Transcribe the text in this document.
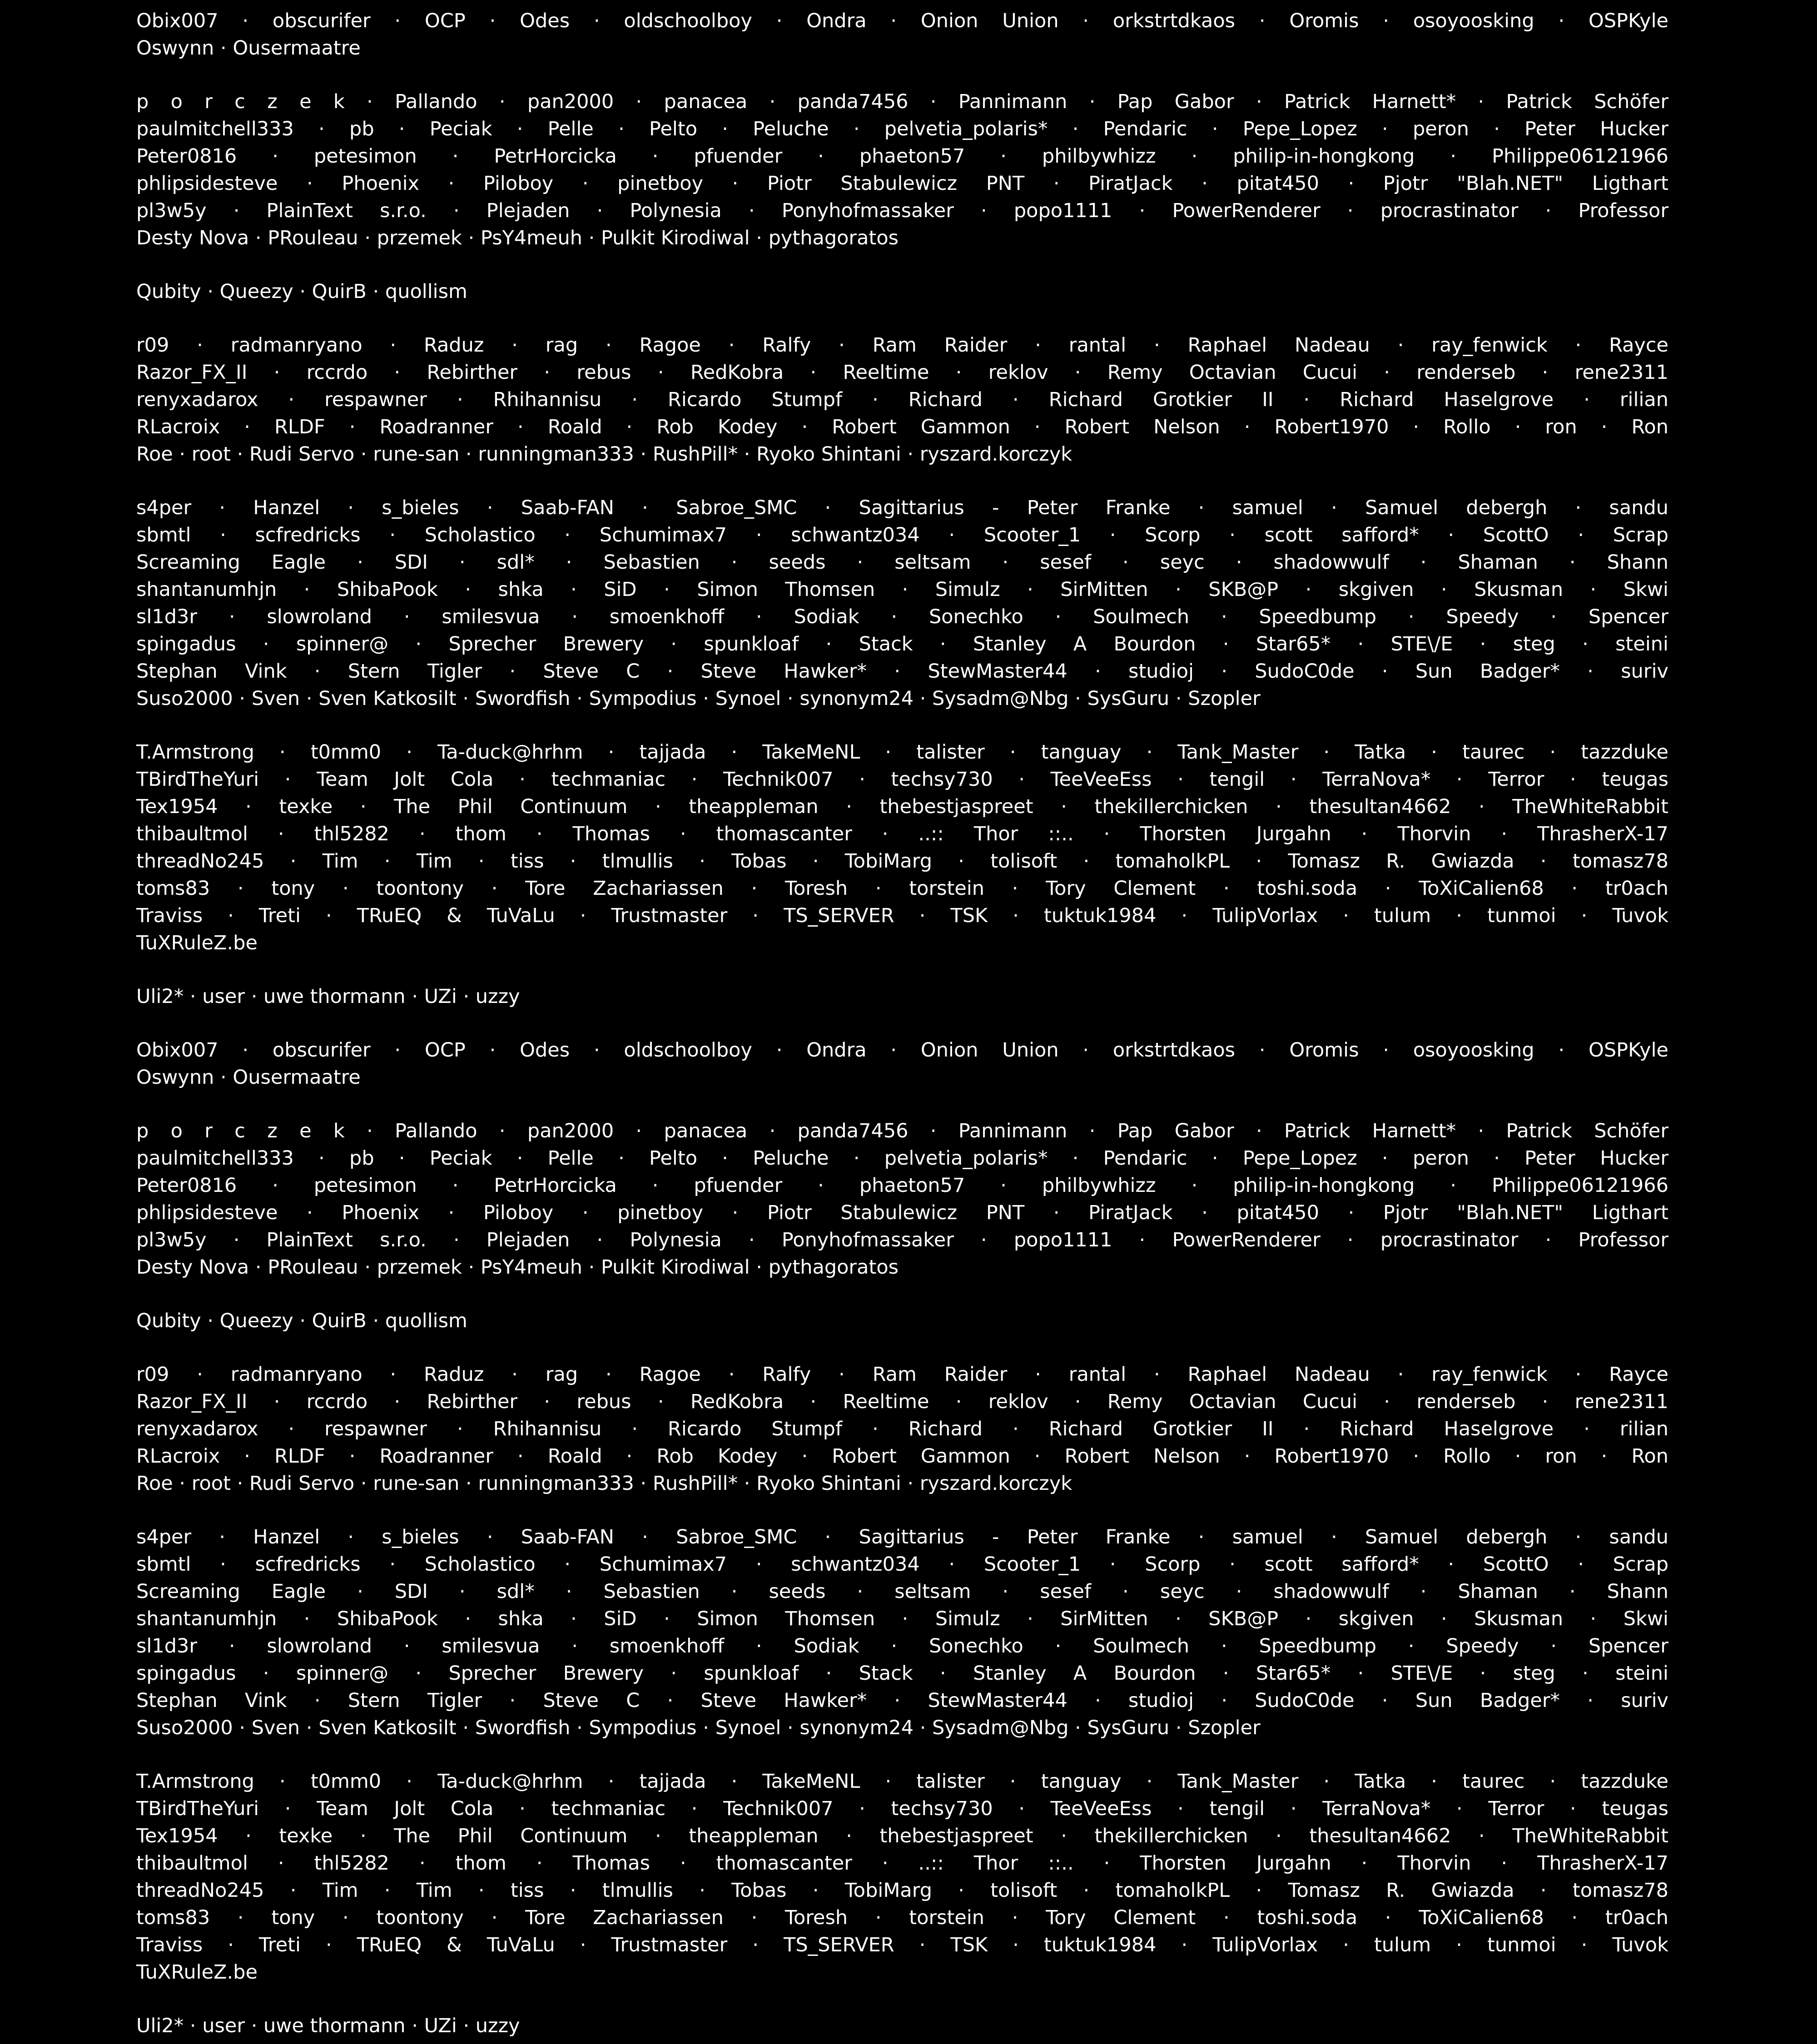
Obix007 · obscurifer · OCP · Odes · oldschoolboy · Ondra · Onion Union · orkstrtdkaos · Oromis · osoyoosking · OSPKyle
Oswynn · Ousermaatre
p o r c z e k · Pallando · pan2000 · panacea · panda7456 · Pannimann · Pap Gabor · Patrick Harnett* · Patrick Schöfer
paulmitchell333 · pb · Peciak · Pelle · Pelto · Peluche · pelvetia_polaris* · Pendaric · Pepe_Lopez · peron · Peter Hucker
Peter0816 · petesimon · PetrHorcicka · pfuender · phaeton57 · philbywhizz · philip-in-hongkong · Philippe06121966
phlipsidesteve · Phoenix · Piloboy · pinetboy · Piotr Stabulewicz PNT · PiratJack · pitat450 · Pjotr "Blah.NET" Ligthart
pl3w5y · PlainText s.r.o. · Plejaden · Polynesia · Ponyhofmassaker · popo1111 · PowerRenderer · procrastinator · Professor
Desty Nova · PRouleau · przemek · PsY4meuh · Pulkit Kirodiwal · pythagoratos
Qubity · Queezy · QuirB · quollism
r09 · radmanryano · Raduz · rag · Ragoe · Ralfy · Ram Raider · rantal · Raphael Nadeau · ray_fenwick · Rayce
Razor_FX_II · rccrdo · Rebirther · rebus · RedKobra · Reeltime · reklov · Remy Octavian Cucui · renderseb · rene2311
renyxadarox · respawner · Rhihannisu · Ricardo Stumpf · Richard · Richard Grotkier II · Richard Haselgrove · rilian
RLacroix · RLDF · Roadranner · Roald · Rob Kodey · Robert Gammon · Robert Nelson · Robert1970 · Rollo · ron · Ron
Roe · root · Rudi Servo · rune-san · runningman333 · RushPill* · Ryoko Shintani · ryszard.korczyk
s4per · Hanzel · s_bieles · Saab-FAN · Sabroe_SMC · Sagittarius - Peter Franke · samuel · Samuel debergh · sandu
sbmtl · scfredricks · Scholastico · Schumimax7 · schwantz034 · Scooter_1 · Scorp · scott safford* · ScottO · Scrap
Screaming Eagle · SDI · sdl* · Sebastien · seeds · seltsam · sesef · seyc · shadowwulf · Shaman · Shann
shantanumhjn · ShibaPook · shka · SiD · Simon Thomsen · Simulz · SirMitten · SKB@P · skgiven · Skusman · Skwi
sl1d3r · slowroland · smilesvua · smoenkhoff · Sodiak · Sonechko · Soulmech · Speedbump · Speedy · Spencer
spingadus · spinner@ · Sprecher Brewery · spunkloaf · Stack · Stanley A Bourdon · Star65* · STE\/E · steg · steini
Stephan Vink · Stern Tigler · Steve C · Steve Hawker* · StewMaster44 · studioj · SudoC0de · Sun Badger* · suriv
Suso2000 · Sven · Sven Katkosilt · Swordfish · Sympodius · Synoel · synonym24 · Sysadm@Nbg · SysGuru · Szopler
T.Armstrong · t0mm0 · Ta-duck@hrhm · tajjada · TakeMeNL · talister · tanguay · Tank_Master · Tatka · taurec · tazzduke
TBirdTheYuri · Team Jolt Cola · techmaniac · Technik007 · techsy730 · TeeVeeEss · tengil · TerraNova* · Terror · teugas
Tex1954 · texke · The Phil Continuum · theappleman · thebestjaspreet · thekillerchicken · thesultan4662 · TheWhiteRabbit
thibaultmol · thl5282 · thom · Thomas · thomascanter · ..:: Thor ::.. · Thorsten Jurgahn · Thorvin · ThrasherX-17
threadNo245 · Tim · Tim · tiss · tlmullis · Tobas · TobiMarg · tolisoft · tomaholkPL · Tomasz R. Gwiazda · tomasz78
toms83 · tony · toontony · Tore Zachariassen · Toresh · torstein · Tory Clement · toshi.soda · ToXiCalien68 · tr0ach
Traviss · Treti · TRuEQ & TuVaLu · Trustmaster · TS_SERVER · TSK · tuktuk1984 · TulipVorlax · tulum · tunmoi · Tuvok
TuXRuleZ.be
Uli2* · user · uwe thormann · UZi · uzzy
Obix007 · obscurifer · OCP · Odes · oldschoolboy · Ondra · Onion Union · orkstrtdkaos · Oromis · osoyoosking · OSPKyle
Oswynn · Ousermaatre
p o r c z e k · Pallando · pan2000 · panacea · panda7456 · Pannimann · Pap Gabor · Patrick Harnett* · Patrick Schöfer
paulmitchell333 · pb · Peciak · Pelle · Pelto · Peluche · pelvetia_polaris* · Pendaric · Pepe_Lopez · peron · Peter Hucker
Peter0816 · petesimon · PetrHorcicka · pfuender · phaeton57 · philbywhizz · philip-in-hongkong · Philippe06121966
phlipsidesteve · Phoenix · Piloboy · pinetboy · Piotr Stabulewicz PNT · PiratJack · pitat450 · Pjotr "Blah.NET" Ligthart
pl3w5y · PlainText s.r.o. · Plejaden · Polynesia · Ponyhofmassaker · popo1111 · PowerRenderer · procrastinator · Professor
Desty Nova · PRouleau · przemek · PsY4meuh · Pulkit Kirodiwal · pythagoratos
Qubity · Queezy · QuirB · quollism
r09 · radmanryano · Raduz · rag · Ragoe · Ralfy · Ram Raider · rantal · Raphael Nadeau · ray_fenwick · Rayce
Razor_FX_II · rccrdo · Rebirther · rebus · RedKobra · Reeltime · reklov · Remy Octavian Cucui · renderseb · rene2311
renyxadarox · respawner · Rhihannisu · Ricardo Stumpf · Richard · Richard Grotkier II · Richard Haselgrove · rilian
RLacroix · RLDF · Roadranner · Roald · Rob Kodey · Robert Gammon · Robert Nelson · Robert1970 · Rollo · ron · Ron
Roe · root · Rudi Servo · rune-san · runningman333 · RushPill* · Ryoko Shintani · ryszard.korczyk
s4per · Hanzel · s_bieles · Saab-FAN · Sabroe_SMC · Sagittarius - Peter Franke · samuel · Samuel debergh · sandu
sbmtl · scfredricks · Scholastico · Schumimax7 · schwantz034 · Scooter_1 · Scorp · scott safford* · ScottO · Scrap
Screaming Eagle · SDI · sdl* · Sebastien · seeds · seltsam · sesef · seyc · shadowwulf · Shaman · Shann
shantanumhjn · ShibaPook · shka · SiD · Simon Thomsen · Simulz · SirMitten · SKB@P · skgiven · Skusman · Skwi
sl1d3r · slowroland · smilesvua · smoenkhoff · Sodiak · Sonechko · Soulmech · Speedbump · Speedy · Spencer
spingadus · spinner@ · Sprecher Brewery · spunkloaf · Stack · Stanley A Bourdon · Star65* · STE\/E · steg · steini
Stephan Vink · Stern Tigler · Steve C · Steve Hawker* · StewMaster44 · studioj · SudoC0de · Sun Badger* · suriv
Suso2000 · Sven · Sven Katkosilt · Swordfish · Sympodius · Synoel · synonym24 · Sysadm@Nbg · SysGuru · Szopler
T.Armstrong · t0mm0 · Ta-duck@hrhm · tajjada · TakeMeNL · talister · tanguay · Tank_Master · Tatka · taurec · tazzduke
TBirdTheYuri · Team Jolt Cola · techmaniac · Technik007 · techsy730 · TeeVeeEss · tengil · TerraNova* · Terror · teugas
Tex1954 · texke · The Phil Continuum · theappleman · thebestjaspreet · thekillerchicken · thesultan4662 · TheWhiteRabbit
thibaultmol · thl5282 · thom · Thomas · thomascanter · ..:: Thor ::.. · Thorsten Jurgahn · Thorvin · ThrasherX-17
threadNo245 · Tim · Tim · tiss · tlmullis · Tobas · TobiMarg · tolisoft · tomaholkPL · Tomasz R. Gwiazda · tomasz78
toms83 · tony · toontony · Tore Zachariassen · Toresh · torstein · Tory Clement · toshi.soda · ToXiCalien68 · tr0ach
Traviss · Treti · TRuEQ & TuVaLu · Trustmaster · TS_SERVER · TSK · tuktuk1984 · TulipVorlax · tulum · tunmoi · Tuvok
TuXRuleZ.be
Uli2* · user · uwe thormann · UZi · uzzy
